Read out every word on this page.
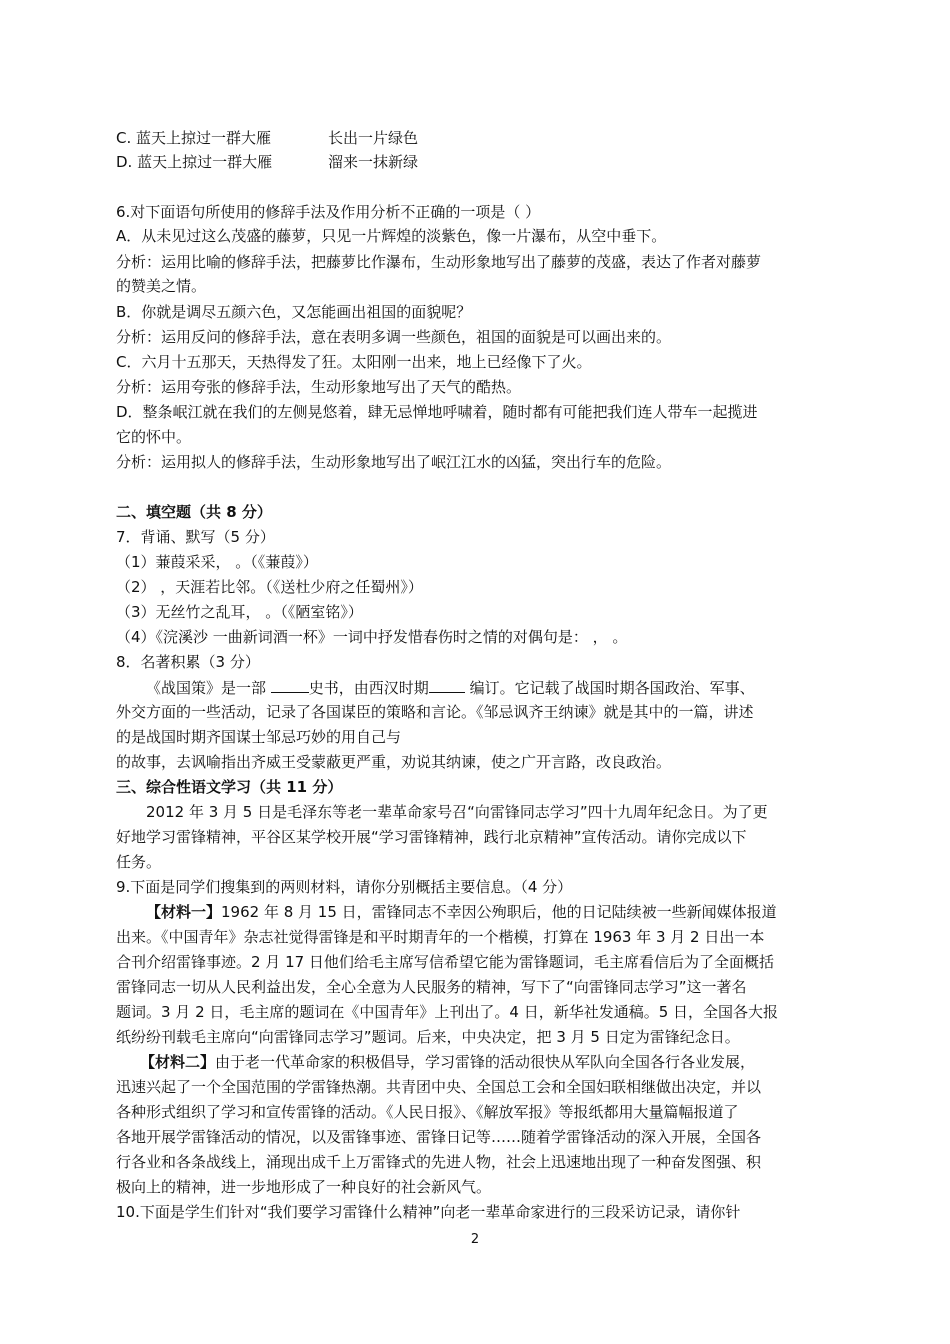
C. 蓝天上掠过一群大雁	长出一片绿色
D. 蓝天上掠过一群大雁	溜来一抹新绿
6.对下面语句所使用的修辞手法及作用分析不正确的一项是（ ）
A．从未见过这么茂盛的藤萝，只见一片辉煌的淡紫色，像一片瀑布，从空中垂下。
分析：运用比喻的修辞手法，把藤萝比作瀑布，生动形象地写出了藤萝的茂盛，表达了作者对藤萝
的赞美之情。
B．你就是调尽五颜六色，又怎能画出祖国的面貌呢？
分析：运用反问的修辞手法，意在表明多调一些颜色，祖国的面貌是可以画出来的。
C．六月十五那天，天热得发了狂。太阳刚一出来，地上已经像下了火。
分析：运用夸张的修辞手法，生动形象地写出了天气的酷热。
D．整条岷江就在我们的左侧晃悠着，肆无忌惮地呼啸着，随时都有可能把我们连人带车一起揽进
它的怀中。
分析：运用拟人的修辞手法，生动形象地写出了岷江江水的凶猛，突出行车的危险。
二、填空题（共 8 分）
7．背诵、默写（5 分）
（1）蒹葭采采， 。（《蒹葭》）
（2） ，天涯若比邻。（《送杜少府之任蜀州》）
（3）无丝竹之乱耳， 。（《陋室铭》）
（4）《浣溪沙 一曲新词酒一杯》一词中抒发惜春伤时之情的对偶句是： ， 。
8．名著积累（3 分）
《战国策》是一部	史书，由西汉时期 编订。它记载了战国时期各国政治、军事、
外交方面的一些活动，记录了各国谋臣的策略和言论。《邹忌讽齐王纳谏》就是其中的一篇，讲述
的是战国时期齐国谋士邹忌巧妙的用自己与
的故事，去讽喻指出齐威王受蒙蔽更严重，劝说其纳谏，使之广开言路，改良政治。
三、综合性语文学习（共 11 分）
2012 年 3 月 5 日是毛泽东等老一辈革命家号召“向雷锋同志学习”四十九周年纪念日。为了更
好地学习雷锋精神，平谷区某学校开展“学习雷锋精神，践行北京精神”宣传活动。请你完成以下
任务。
9.下面是同学们搜集到的两则材料，请你分别概括主要信息。（4 分）
【材料一】1962 年 8 月 15 日，雷锋同志不幸因公殉职后，他的日记陆续被一些新闻媒体报道
出来。《中国青年》杂志社觉得雷锋是和平时期青年的一个楷模，打算在 1963 年 3 月 2 日出一本
合刊介绍雷锋事迹。2 月 17 日他们给毛主席写信希望它能为雷锋题词，毛主席看信后为了全面概括
雷锋同志一切从人民利益出发，全心全意为人民服务的精神，写下了“向雷锋同志学习”这一著名
题词。3 月 2 日，毛主席的题词在《中国青年》上刊出了。4 日，新华社发通稿。5 日，全国各大报
纸纷纷刊载毛主席向“向雷锋同志学习”题词。后来，中央决定，把 3 月 5 日定为雷锋纪念日。
【材料二】由于老一代革命家的积极倡导，学习雷锋的活动很快从军队向全国各行各业发展，
迅速兴起了一个全国范围的学雷锋热潮。共青团中央、全国总工会和全国妇联相继做出决定，并以
各种形式组织了学习和宣传雷锋的活动。《人民日报》、《解放军报》等报纸都用大量篇幅报道了
各地开展学雷锋活动的情况，以及雷锋事迹、雷锋日记等……随着学雷锋活动的深入开展，全国各
行各业和各条战线上，涌现出成千上万雷锋式的先进人物，社会上迅速地出现了一种奋发图强、积
极向上的精神，进一步地形成了一种良好的社会新风气。
10.下面是学生们针对“我们要学习雷锋什么精神”向老一辈革命家进行的三段采访记录，请你针
2
